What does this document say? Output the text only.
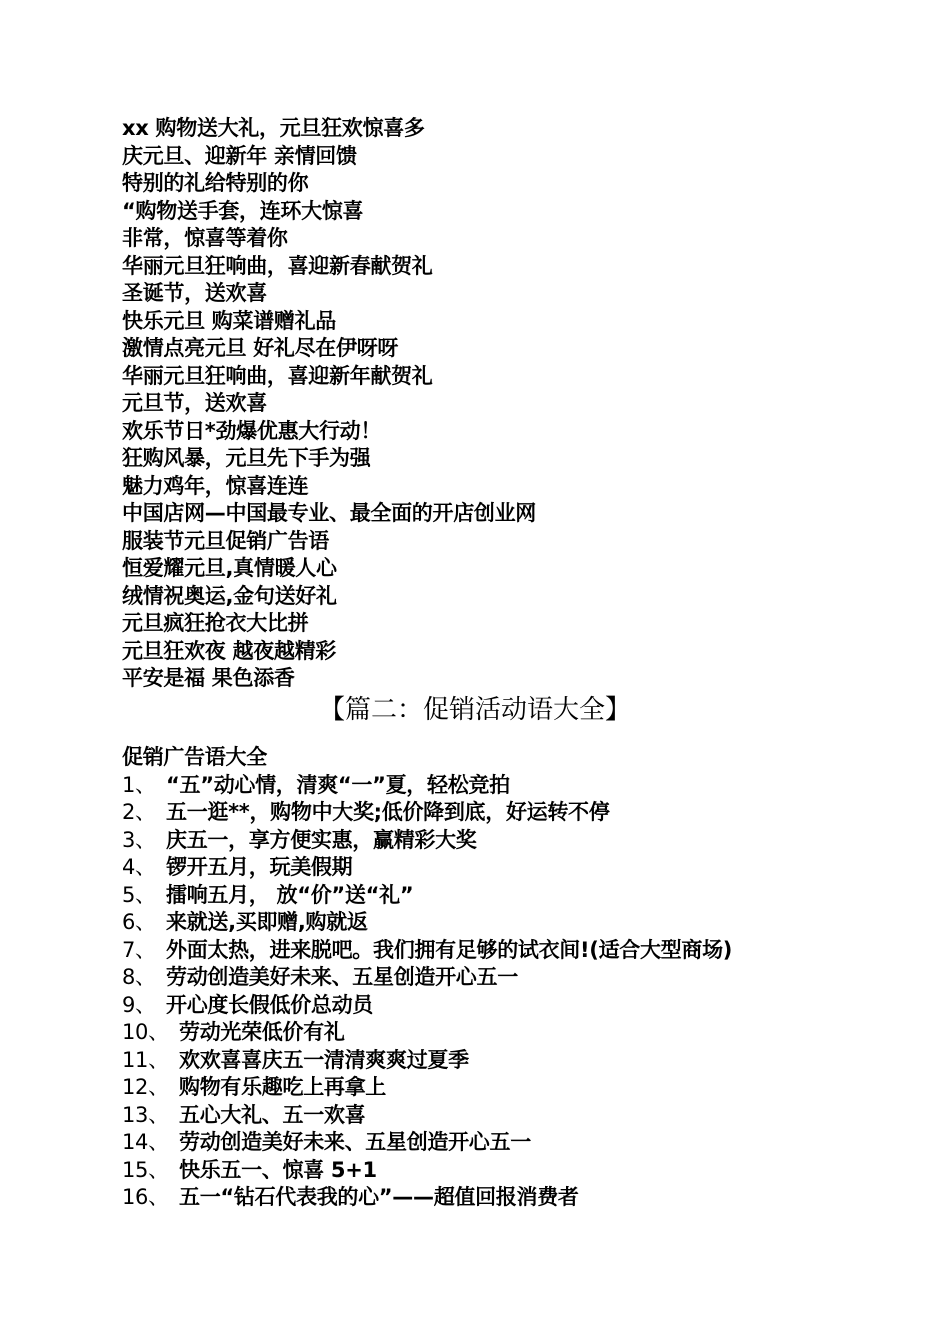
xx 购物送大礼，元旦狂欢惊喜多
庆元旦、迎新年 亲情回馈
特别的礼给特别的你
“购物送手套，连环大惊喜
非常，惊喜等着你
华丽元旦狂响曲，喜迎新春献贺礼
圣诞节，送欢喜
快乐元旦 购菜谱赠礼品
激情点亮元旦 好礼尽在伊呀呀
华丽元旦狂响曲，喜迎新年献贺礼
元旦节，送欢喜
欢乐节日*劲爆优惠大行动！
狂购风暴，元旦先下手为强
魅力鸡年，惊喜连连
中国店网—中国最专业、最全面的开店创业网
服装节元旦促销广告语
恒爱耀元旦,真情暖人心
绒情祝奥运,金句送好礼
元旦疯狂抢衣大比拼
元旦狂欢夜 越夜越精彩
平安是福 果色添香
【篇二：促销活动语大全】
促销广告语大全
1、 “五”动心情，清爽“一”夏，轻松竞拍
2、 五一逛**，购物中大奖;低价降到底，好运转不停
3、 庆五一，享方便实惠，赢精彩大奖
4、 锣开五月，玩美假期
5、 擂响五月， 放“价”送“礼”
6、 来就送,买即赠,购就返
7、 外面太热，进来脱吧。我们拥有足够的试衣间!(适合大型商场)
8、 劳动创造美好未来、五星创造开心五一
9、 开心度长假低价总动员
10、 劳动光荣低价有礼
11、 欢欢喜喜庆五一清清爽爽过夏季
12、 购物有乐趣吃上再拿上
13、 五心大礼、五一欢喜
14、 劳动创造美好未来、五星创造开心五一
15、 快乐五一、惊喜 5+1
16、 五一“钻石代表我的心”——超值回报消费者
